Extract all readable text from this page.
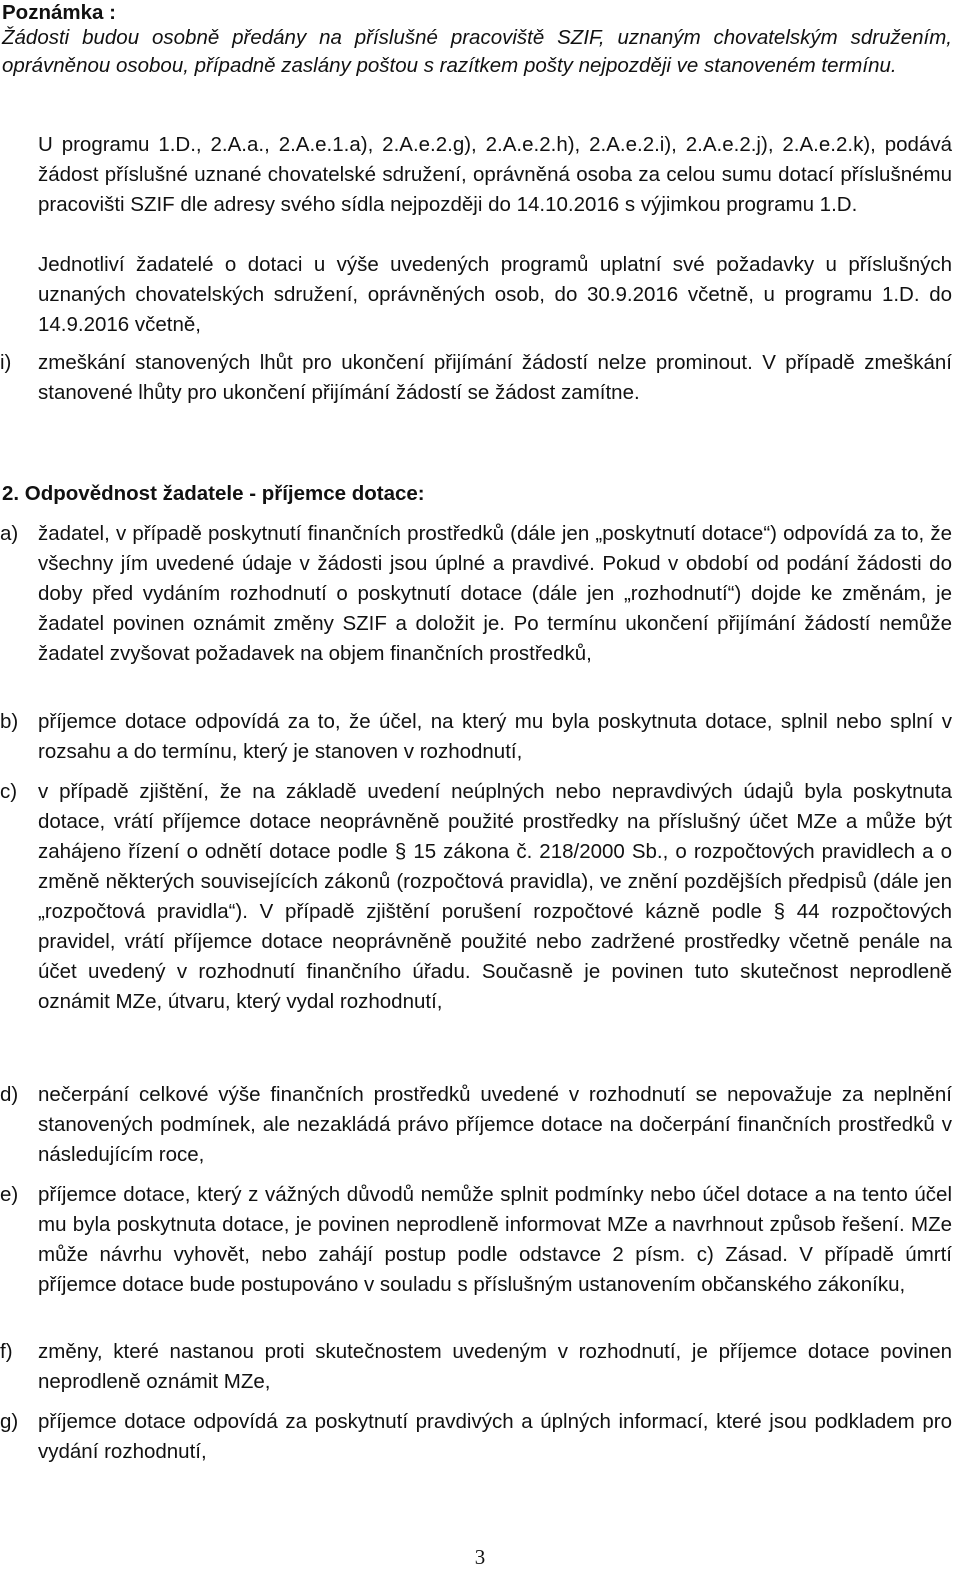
Poznámka :
Žádosti budou osobně předány na příslušné pracoviště SZIF, uznaným chovatelským sdružením, oprávněnou osobou, případně zaslány poštou s razítkem pošty nejpozději ve stanoveném termínu.
U programu 1.D., 2.A.a., 2.A.e.1.a), 2.A.e.2.g), 2.A.e.2.h), 2.A.e.2.i), 2.A.e.2.j), 2.A.e.2.k), podává žádost příslušné uznané chovatelské sdružení, oprávněná osoba za celou sumu dotací příslušnému pracovišti SZIF dle adresy svého sídla nejpozději do 14.10.2016 s výjimkou programu 1.D.
Jednotliví žadatelé o dotaci u výše uvedených programů uplatní své požadavky u příslušných uznaných chovatelských sdružení, oprávněných osob, do 30.9.2016 včetně, u programu 1.D. do 14.9.2016 včetně,
i)	zmeškání stanovených lhůt pro ukončení přijímání žádostí nelze prominout. V případě zmeškání stanovené lhůty pro ukončení přijímání žádostí se žádost zamítne.
2. Odpovědnost žadatele - příjemce dotace:
a) žadatel, v případě poskytnutí finančních prostředků (dále jen „poskytnutí dotace“) odpovídá za to, že všechny jím uvedené údaje v žádosti jsou úplné a pravdivé. Pokud v období od podání žádosti do doby před vydáním rozhodnutí o poskytnutí dotace (dále jen „rozhodnutí“) dojde ke změnám, je žadatel povinen oznámit změny SZIF a doložit je. Po termínu ukončení přijímání žádostí nemůže žadatel zvyšovat požadavek na objem finančních prostředků,
b) příjemce dotace odpovídá za to, že účel, na který mu byla poskytnuta dotace, splnil nebo splní v rozsahu a do termínu, který je stanoven v rozhodnutí,
c)	v případě zjištění, že na základě uvedení neúplných nebo nepravdivých údajů byla poskytnuta dotace, vrátí příjemce dotace neoprávněně použité prostředky na příslušný účet MZe a může být zahájeno řízení o odnětí dotace podle § 15 zákona č. 218/2000 Sb., o rozpočtových pravidlech a o změně některých souvisejících zákonů (rozpočtová pravidla), ve znění pozdějších předpisů (dále jen „rozpočtová pravidla“). V případě zjištění porušení rozpočtové kázně podle § 44 rozpočtových pravidel, vrátí příjemce dotace neoprávněně použité nebo zadržené prostředky včetně penále na účet uvedený v rozhodnutí finančního úřadu. Současně je povinen tuto skutečnost neprodleně oznámit MZe, útvaru, který vydal rozhodnutí,
d) nečerpání celkové výše finančních prostředků uvedené v rozhodnutí se nepovažuje za neplnění stanovených podmínek, ale nezakládá právo příjemce dotace na dočerpání finančních prostředků v následujícím roce,
e) příjemce dotace, který z vážných důvodů nemůže splnit podmínky nebo účel dotace a na tento účel mu byla poskytnuta dotace, je povinen neprodleně informovat MZe a navrhnout způsob řešení. MZe může návrhu vyhovět, nebo zahájí postup podle odstavce 2 písm. c) Zásad. V případě úmrtí příjemce dotace bude postupováno v souladu s příslušným ustanovením občanského zákoníku,
f)	změny, které nastanou proti skutečnostem uvedeným v rozhodnutí, je příjemce dotace povinen neprodleně oznámit MZe,
g) příjemce dotace odpovídá za poskytnutí pravdivých a úplných informací, které jsou podkladem pro vydání rozhodnutí,
3
